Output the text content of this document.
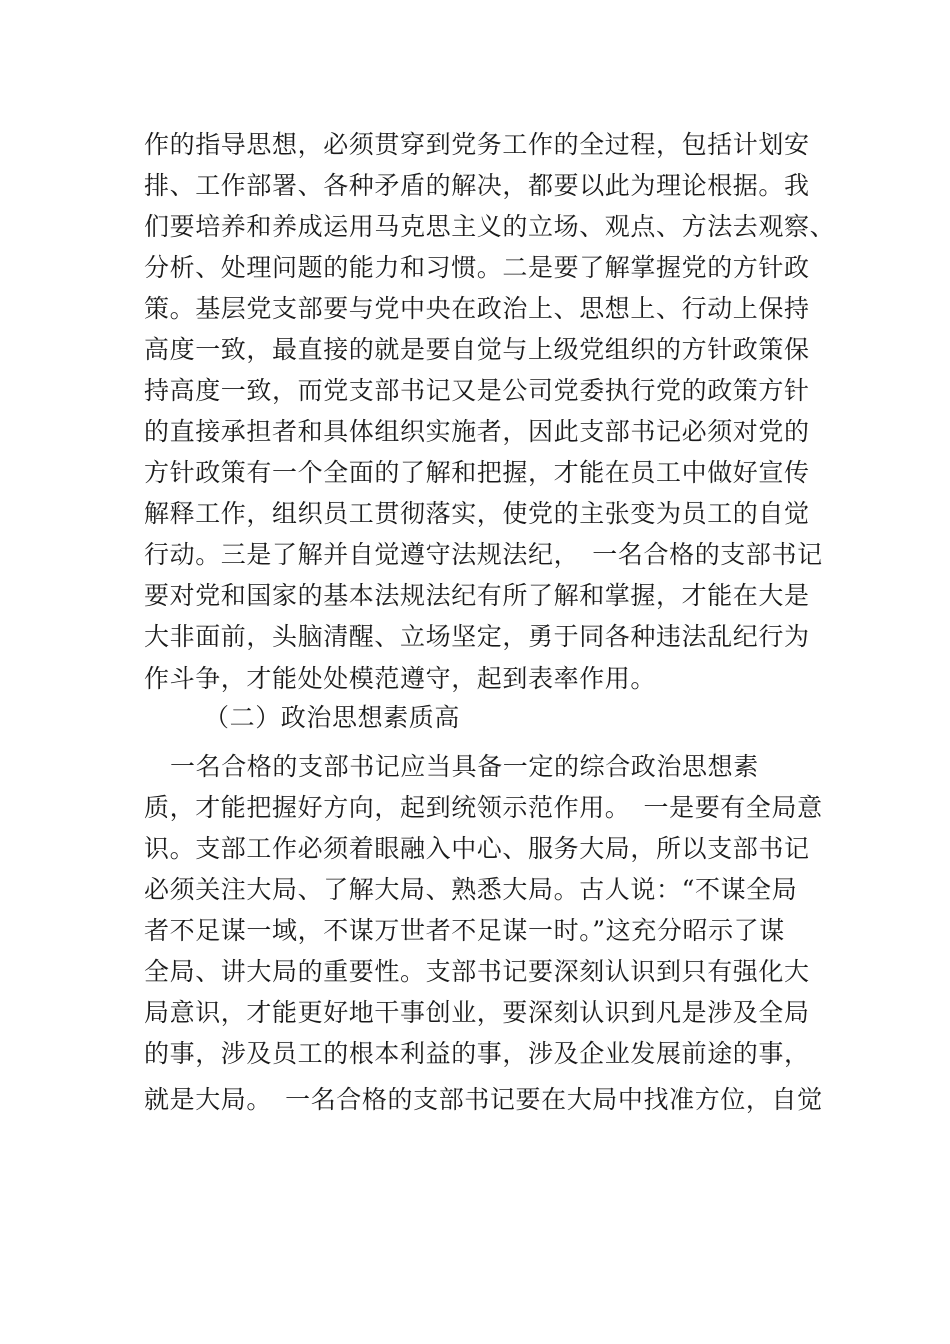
作的指导思想，必须贯穿到党务工作的全过程，包括计划安
排、工作部署、各种矛盾的解决，都要以此为理论根据。我
们要培养和养成运用马克思主义的立场、观点、方法去观察、
分析、处理问题的能力和习惯。二是要了解掌握党的方针政
策。基层党支部要与党中央在政治上、思想上、行动上保持
高度一致，最直接的就是要自觉与上级党组织的方针政策保
持高度一致，而党支部书记又是公司党委执行党的政策方针
的直接承担者和具体组织实施者，因此支部书记必须对党的
方针政策有一个全面的了解和把握，才能在员工中做好宣传
解释工作，组织员工贯彻落实，使党的主张变为员工的自觉
行动。三是了解并自觉遵守法规法纪，　一名合格的支部书记
要对党和国家的基本法规法纪有所了解和掌握，才能在大是
大非面前，头脑清醒、立场坚定，勇于同各种违法乱纪行为
作斗争，才能处处模范遵守，起到表率作用。
（二）政治思想素质高
一名合格的支部书记应当具备一定的综合政治思想素
质，才能把握好方向，起到统领示范作用。　一是要有全局意
识。支部工作必须着眼融入中心、服务大局，所以支部书记
必须关注大局、了解大局、熟悉大局。古人说：“不谋全局
者不足谋一域，不谋万世者不足谋一时。”这充分昭示了谋
全局、讲大局的重要性。支部书记要深刻认识到只有强化大
局意识，才能更好地干事创业，要深刻认识到凡是涉及全局
的事，涉及员工的根本利益的事，涉及企业发展前途的事，
就是大局。　一名合格的支部书记要在大局中找准方位，自觉
